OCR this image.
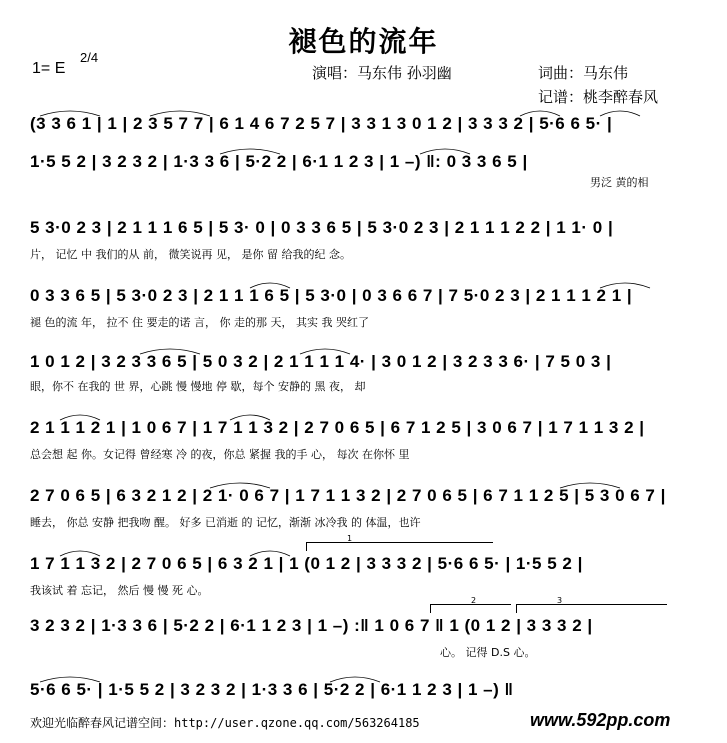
褪色的流年
1= E
2/4
演唱：马东伟 孙羽幽	词曲：马东伟
记谱：桃李醉春风
(3 3 6 1 | 1 | 2 3 5 7 7 | 6 1 4 6 7 2 5 7 | 3 3 1 3 0 1 2 | 3 3 3 2 | 5·6 6 5· |
1·5 5 2 | 3 2 3 2 | 1·3 3 6 | 5·2 2 | 6·1 1 2 3 | 1 –) ‖: 0 3 3 6 5 |
男泛 黄的相
5 3·0 2 3 | 2 1 1 1 6 5 | 5 3· 0 | 0 3 3 6 5 | 5 3·0 2 3 | 2 1 1 1 2 2 | 1 1· 0 |
片， 记忆 中 我们的从 前， 微笑说再 见， 是你 留 给我的纪 念。
0 3 3 6 5 | 5 3·0 2 3 | 2 1 1 1 6 5 | 5 3·0 | 0 3 6 6 7 | 7 5·0 2 3 | 2 1 1 1 2 1 |
褪 色的流 年， 拉不 住 要走的诺 言， 你 走的那 天， 其实 我 哭红了
1 0 1 2 | 3 2 3 3 6 5 | 5 0 3 2 | 2 1 1 1 1 4· | 3 0 1 2 | 3 2 3 3 6· | 7 5 0 3 |
眼，你不 在我的 世 界，心跳 慢 慢地 停 歇，每个 安静的 黑 夜， 却
2 1 1 1 2 1 | 1 0 6 7 | 1 7 1 1 3 2 | 2 7 0 6 5 | 6 7 1 2 5 | 3 0 6 7 | 1 7 1 1 3 2 |
总会想 起 你。女记得 曾经寒 冷 的夜，你总 紧握 我的手 心， 每次 在你怀 里
2 7 0 6 5 | 6 3 2 1 2 | 2 1· 0 6 7 | 1 7 1 1 3 2 | 2 7 0 6 5 | 6 7 1 1 2 5 | 5 3 0 6 7 |
睡去， 你总 安静 把我吻 醒。 好多 已消逝 的 记忆，渐渐 冰冷我 的 体温，也许
1
1 7 1 1 3 2 | 2 7 0 6 5 | 6 3 2 1 | 1 (0 1 2 | 3 3 3 2 | 5·6 6 5· | 1·5 5 2 |
我该试 着 忘记， 然后 慢 慢 死 心。
2	3
3 2 3 2 | 1·3 3 6 | 5·2 2 | 6·1 1 2 3 | 1 –) :‖ 1 0 6 7 ‖ 1 (0 1 2 | 3 3 3 2 |
心。 记得 D.S 心。
5·6 6 5· | 1·5 5 2 | 3 2 3 2 | 1·3 3 6 | 5·2 2 | 6·1 1 2 3 | 1 –) ‖
欢迎光临醉春风记谱空间：http://user.qzone.qq.com/563264185	www.592pp.com
